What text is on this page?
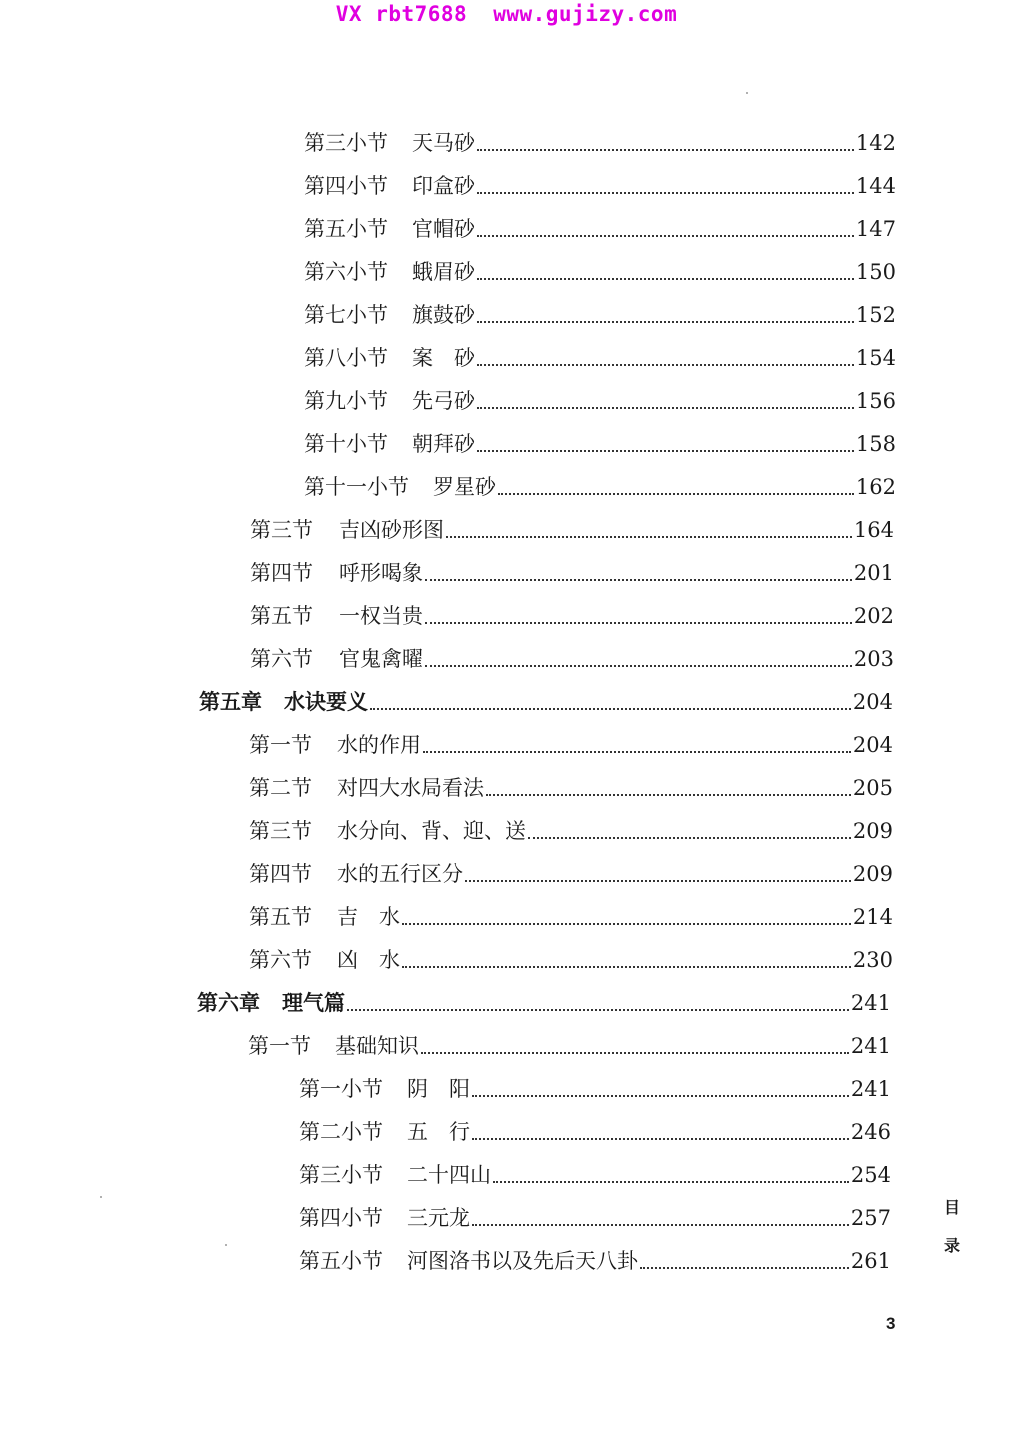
VX rbt7688 www.gujizy.com
第三小节 天马砂	142
第四小节 印盒砂	144
第五小节 官帽砂	147
第六小节 蛾眉砂	150
第七小节 旗鼓砂	152
第八小节 案　砂	154
第九小节 先弓砂	156
第十小节 朝拜砂	158
第十一小节 罗星砂	162
第三节 吉凶砂形图	164
第四节 呼形喝象	201
第五节 一权当贵	202
第六节 官鬼禽曜	203
第五章 水诀要义	204
第一节 水的作用	204
第二节 对四大水局看法	205
第三节 水分向、背、迎、送	209
第四节 水的五行区分	209
第五节 吉　水	214
第六节 凶　水	230
第六章 理气篇	241
第一节 基础知识	241
第一小节 阴　阳	241
第二小节 五　行	246
第三小节 二十四山	254
第四小节 三元龙	257
第五小节 河图洛书以及先后天八卦	261
目
录
3
